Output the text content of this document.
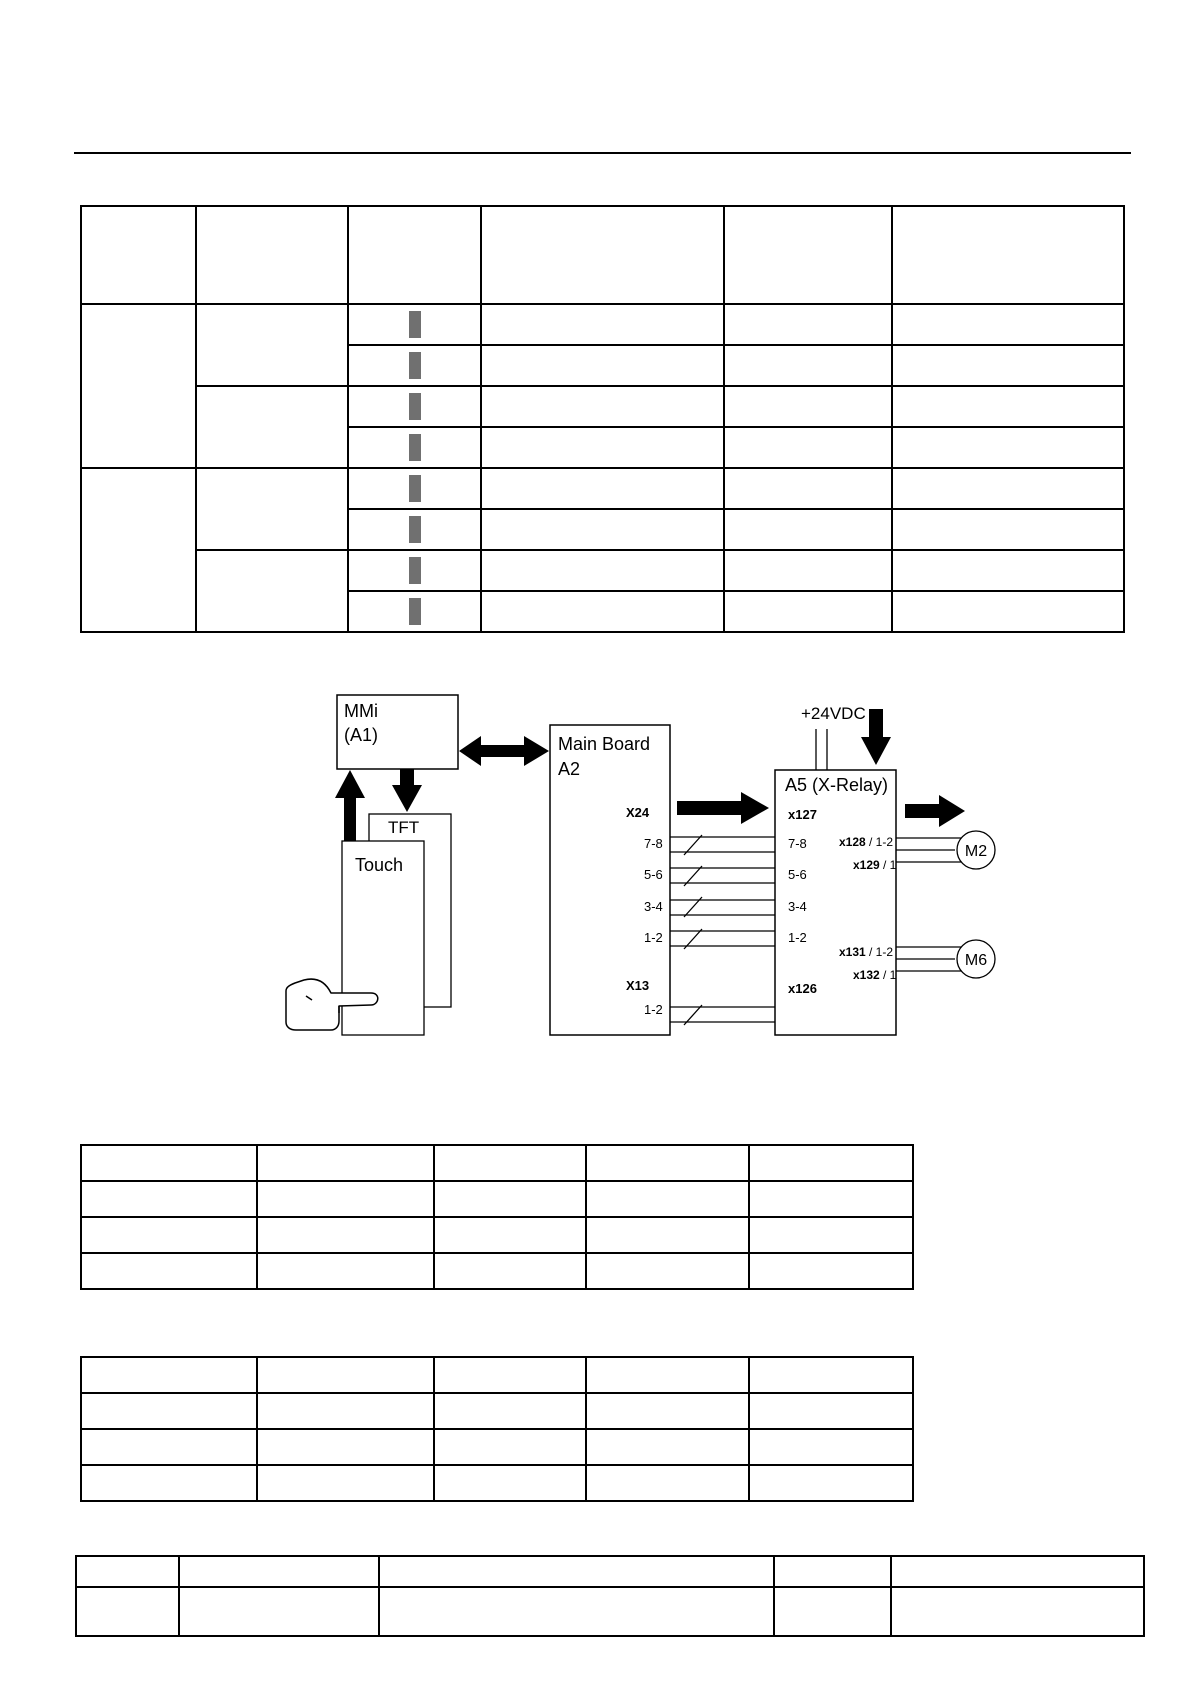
MMi
(A1)
TFT
Touch
Main Board
A2
X24
7-8
5-6
3-4
1-2
X13
1-2
A5 (X-Relay)
x127
7-8
5-6
3-4
1-2
x126
+24VDC
x128 / 1-2
x129 / 1
M2
x131 / 1-2
x132 / 1
M6
